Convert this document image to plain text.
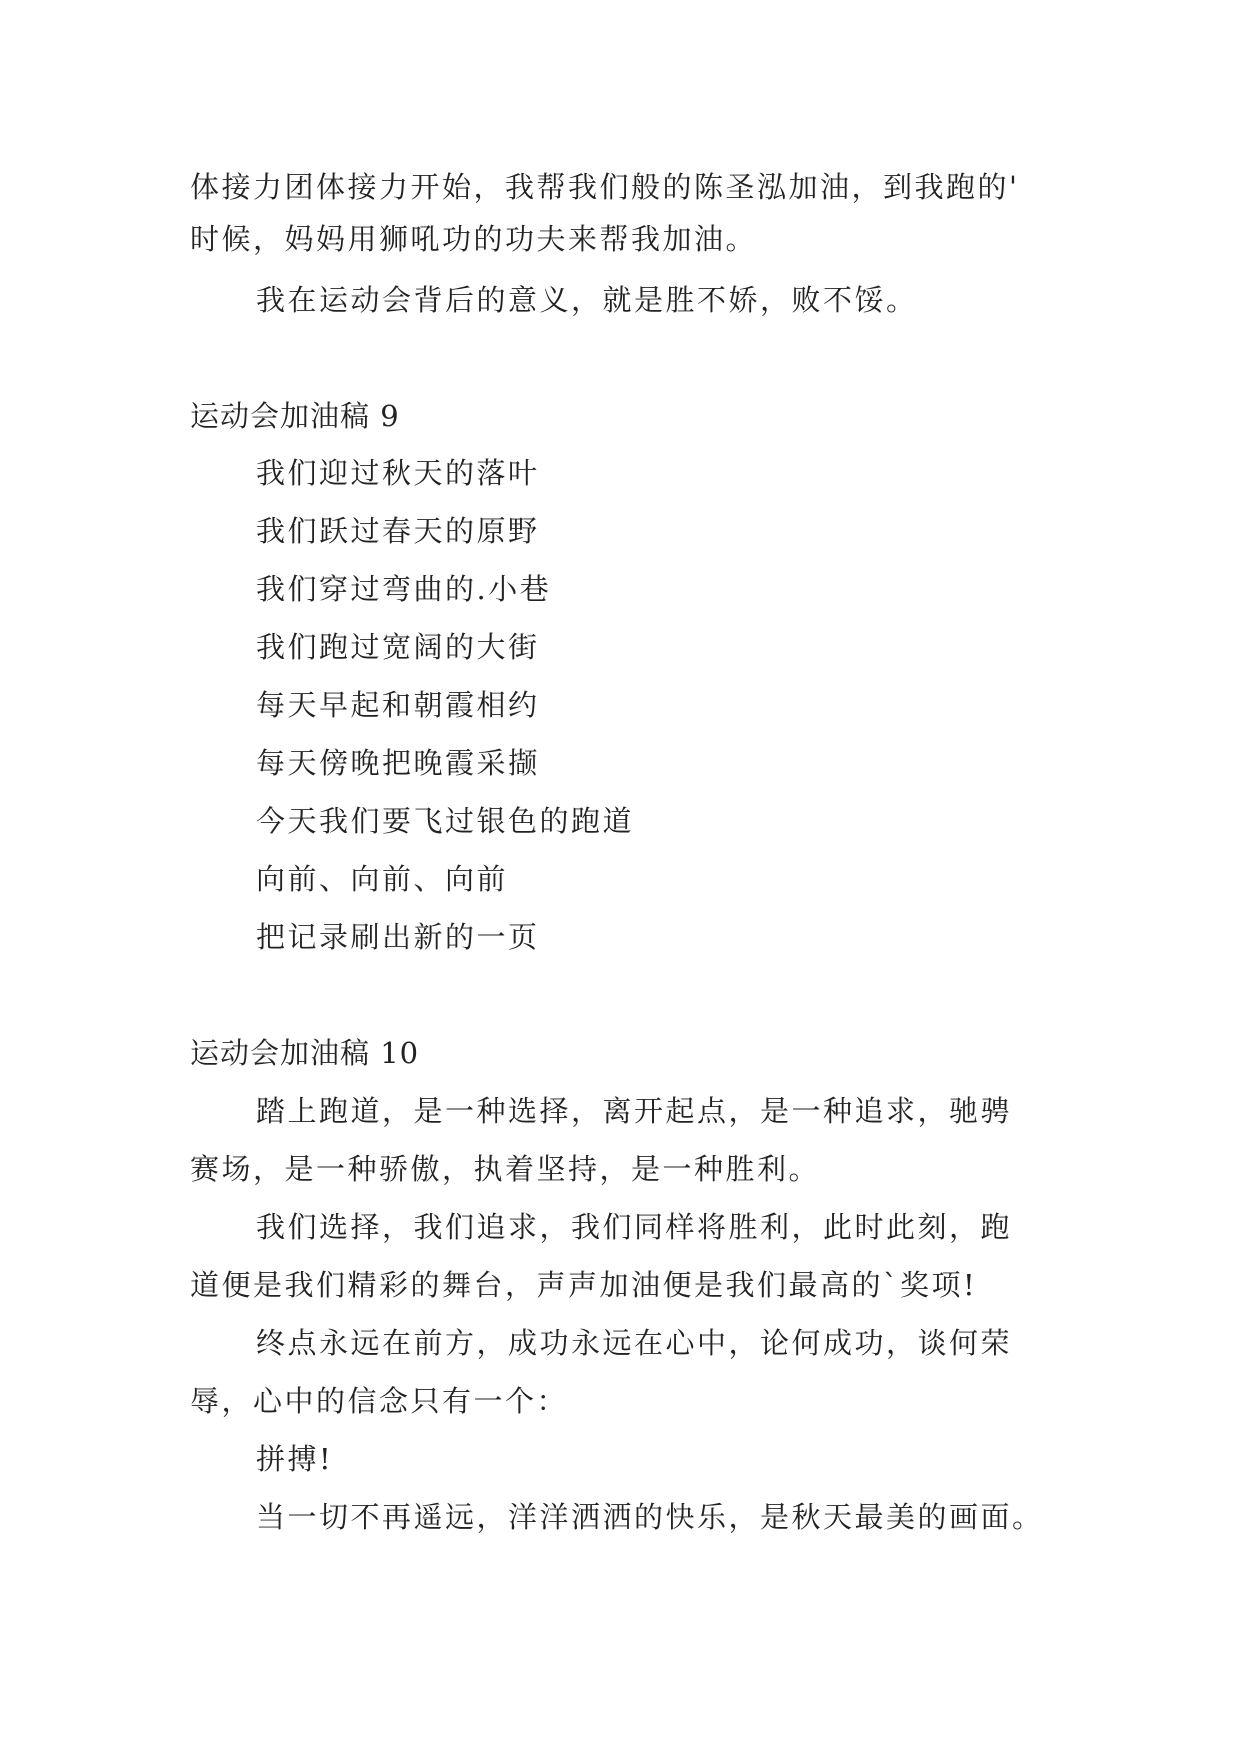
体接力团体接力开始，我帮我们般的陈圣泓加油，到我跑的'
时候，妈妈用狮吼功的功夫来帮我加油。
我在运动会背后的意义，就是胜不娇，败不馁。
运动会加油稿 9
我们迎过秋天的落叶
我们跃过春天的原野
我们穿过弯曲的.小巷
我们跑过宽阔的大街
每天早起和朝霞相约
每天傍晚把晚霞采撷
今天我们要飞过银色的跑道
向前、向前、向前
把记录刷出新的一页
运动会加油稿 10
踏上跑道，是一种选择，离开起点，是一种追求，驰骋
赛场，是一种骄傲，执着坚持，是一种胜利。
我们选择，我们追求，我们同样将胜利，此时此刻，跑
道便是我们精彩的舞台，声声加油便是我们最高的`奖项!
终点永远在前方，成功永远在心中，论何成功，谈何荣
辱，心中的信念只有一个：
拼搏!
当一切不再遥远，洋洋洒洒的快乐，是秋天最美的画面。
